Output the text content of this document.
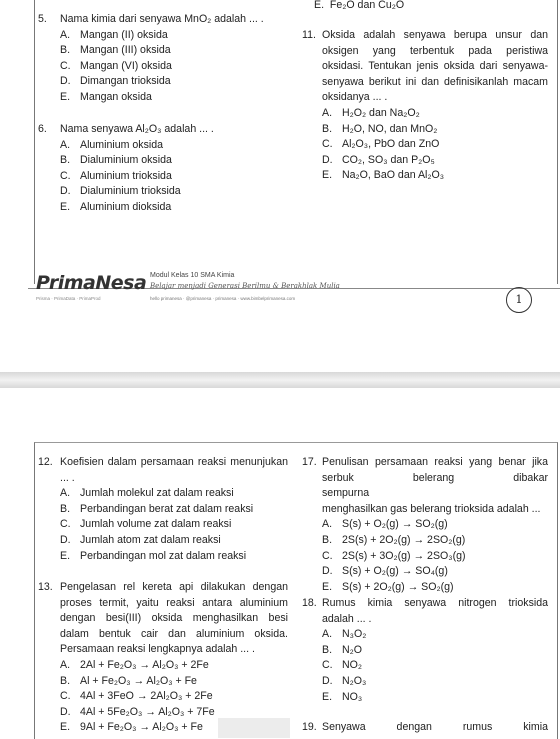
E.  Fe₂O dan Cu₂O

5. Nama kimia dari senyawa MnO₂ adalah ... .

A. Mangan (II) oksida

B. Mangan (III) oksida

C. Mangan (VI) oksida

D. Dimangan trioksida

E. Mangan oksida

6. Nama senyawa Al₂O₃ adalah ... .

A. Aluminium oksida

B. Dialuminium oksida

C. Aluminium trioksida

D. Dialuminium trioksida

E. Aluminium dioksida

11. Oksida adalah senyawa berupa unsur dan

oksigen yang terbentuk pada peristiwa

oksidasi. Tentukan jenis oksida dari senyawa-

senyawa berikut ini dan definisikanlah macam

oksidanya ... .

A. H₂O₂ dan Na₂O₂

B. H₂O, NO, dan MnO₂

C. Al₂O₃, PbO dan ZnO

D. CO₂, SO₃ dan P₂O₅

E. Na₂O, BaO dan Al₂O₃

PrimaNesa
Prisma · PrimaData · PrimaProd
Modul Kelas 10 SMA Kimia
Belajar menjadi Generasi Berilmu & Berakhlak Mulia
hello primanesa · @primanesa · primanesa · www.bimbelprimanesa.com	1

12. Koefisien dalam persamaan reaksi menunjukan

... .

A. Jumlah molekul zat dalam reaksi

B. Perbandingan berat zat dalam reaksi

C. Jumlah volume zat dalam reaksi

D. Jumlah atom zat dalam reaksi

E. Perbandingan mol zat dalam reaksi

13. Pengelasan rel kereta api dilakukan dengan

proses termit, yaitu reaksi antara aluminium

dengan besi(III) oksida menghasilkan besi

dalam bentuk cair dan aluminium oksida.

Persamaan reaksi lengkapnya adalah ... .

A. 2Al + Fe₂O₃ → Al₂O₃ + 2Fe

B. Al + Fe₂O₃ → Al₂O₃ + Fe

C. 4Al + 3FeO → 2Al₂O₃ + 2Fe

D. 4Al + 5Fe₂O₃ → Al₂O₃ + 7Fe

E. 9Al + Fe₂O₃ → Al₂O₃ + Fe

17. Penulisan persamaan reaksi yang benar jika

serbuk belerang dibakar sempurna

menghasilkan gas belerang trioksida adalah ...

A. S(s) + O₂(g) → SO₂(g)

B. 2S(s) + 2O₂(g) → 2SO₂(g)

C. 2S(s) + 3O₂(g) → 2SO₃(g)

D. S(s) + O₂(g) → SO₄(g)

E. S(s) + 2O₂(g) → SO₂(g)

18. Rumus kimia senyawa nitrogen trioksida

adalah ... .

A. N₃O₂

B. N₂O

C. NO₂

D. N₂O₃

E. NO₃

19. Senyawa	dengan	rumus	kimia
